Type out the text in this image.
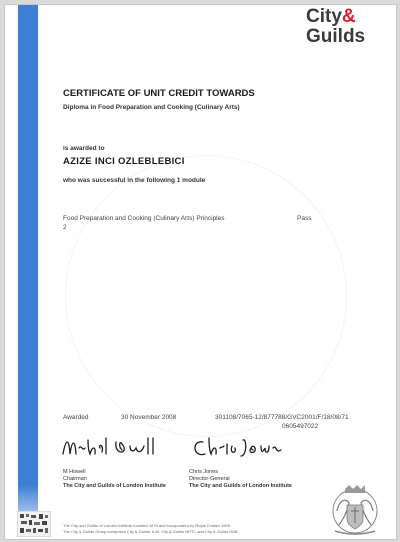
City&
Guilds
CERTIFICATE OF UNIT CREDIT TOWARDS
Diploma in Food Preparation and Cooking (Culinary Arts)
is awarded to
AZIZE INCI OZLEBLEBICI
who was successful in the following 1 module
Food Preparation and Cooking (Culinary Arts) Principles
2
Pass
Awarded	30 November 2008	301108/7065-12/877788/GVC2001/F/18/08/71
0605497022
M Howell
Chairman
The City and Guilds of London Institute
Chris Jones
Director-General
The City and Guilds of London Institute
The City and Guilds of London Institute founded 1878 and incorporated by Royal Charter 1900.
The City & Guilds Group comprises City & Guilds, ILM, City & Guilds NPTC and City & Guilds HAB.
